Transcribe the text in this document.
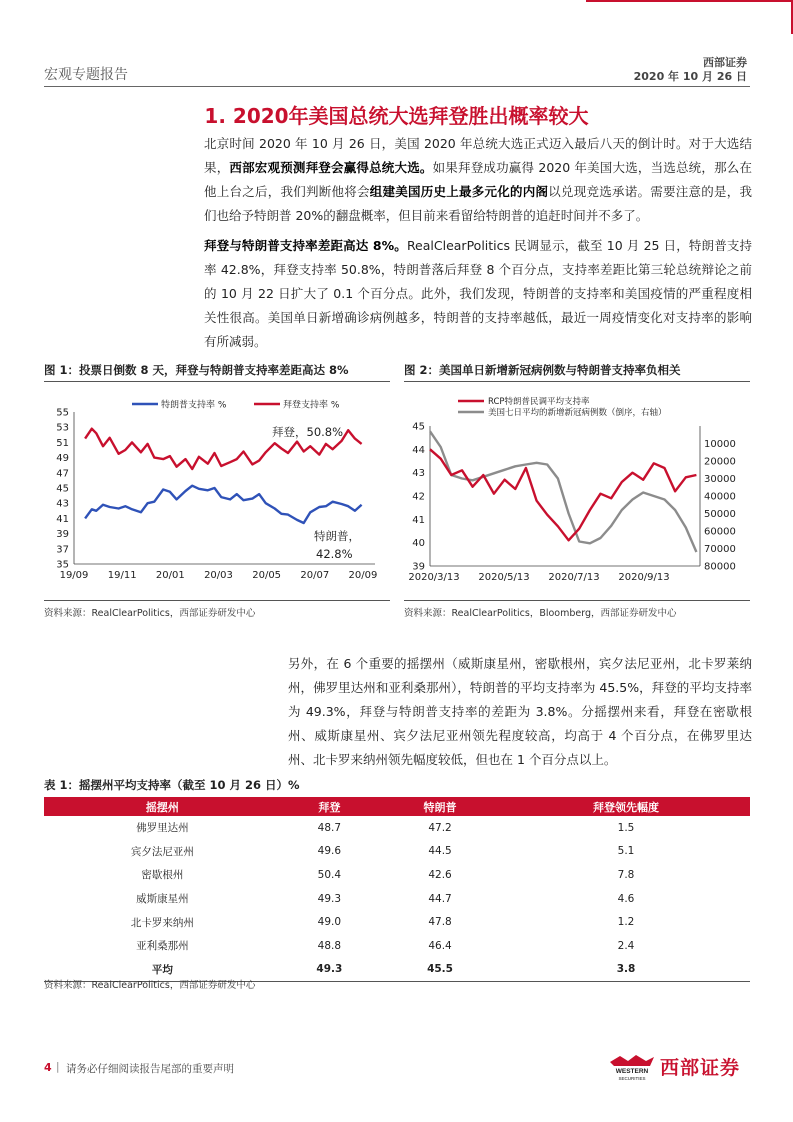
宏观专题报告
西部证券
2020 年 10 月 26 日
1. 2020年美国总统大选拜登胜出概率较大
北京时间 2020 年 10 月 26 日，美国 2020 年总统大选正式迈入最后八天的倒计时。对于大选结果，西部宏观预测拜登会赢得总统大选。如果拜登成功赢得 2020 年美国大选，当选总统，那么在他上台之后，我们判断他将会组建美国历史上最多元化的内阁以兑现竞选承诺。需要注意的是，我们也给予特朗普 20%的翻盘概率，但目前来看留给特朗普的追赶时间并不多了。
拜登与特朗普支持率差距高达 8%。RealClearPolitics 民调显示，截至 10 月 25 日，特朗普支持率 42.8%，拜登支持率 50.8%，特朗普落后拜登 8 个百分点，支持率差距比第三轮总统辩论之前的 10 月 22 日扩大了 0.1 个百分点。此外，我们发现，特朗普的支持率和美国疫情的严重程度相关性很高。美国单日新增确诊病例越多，特朗普的支持率越低，最近一周疫情变化对支持率的影响有所减弱。
图 1：投票日倒数 8 天，拜登与特朗普支持率差距高达 8%
35
37
39
41
43
45
47
49
51
53
55
19/09 19/11 20/01 20/03 20/05 20/07 20/09
特朗普支持率 %	拜登支持率 %
拜登，50.8%
特朗普，
42.8%
资料来源：RealClearPolitics，西部证券研发中心
图 2：美国单日新增新冠病例数与特朗普支持率负相关
39
40
41
42
43
44
45
10000
20000
30000
40000
50000
60000
70000
80000
2020/3/13 2020/5/13 2020/7/13 2020/9/13
RCP特朗普民调平均支持率
美国七日平均的新增新冠病例数（倒序，右轴）
资料来源：RealClearPolitics，Bloomberg，西部证券研发中心
另外，在 6 个重要的摇摆州（威斯康星州，密歇根州，宾夕法尼亚州，北卡罗莱纳州，佛罗里达州和亚利桑那州），特朗普的平均支持率为 45.5%，拜登的平均支持率为 49.3%，拜登与特朗普支持率的差距为 3.8%。分摇摆州来看，拜登在密歇根州、威斯康星州、宾夕法尼亚州领先程度较高，均高于 4 个百分点，在佛罗里达州、北卡罗来纳州领先幅度较低，但也在 1 个百分点以上。
表 1：摇摆州平均支持率（截至 10 月 26 日）%
摇摆州	拜登	特朗普	拜登领先幅度
佛罗里达州	48.7	47.2	1.5
宾夕法尼亚州	49.6	44.5	5.1
密歇根州	50.4	42.6	7.8
威斯康星州	49.3	44.7	4.6
北卡罗来纳州	49.0	47.8	1.2
亚利桑那州	48.8	46.4	2.4
平均	49.3	45.5	3.8
资料来源：RealClearPolitics，西部证券研发中心
4 | 请务必仔细阅读报告尾部的重要声明	WESTERN
SECURITIES 西部证券
